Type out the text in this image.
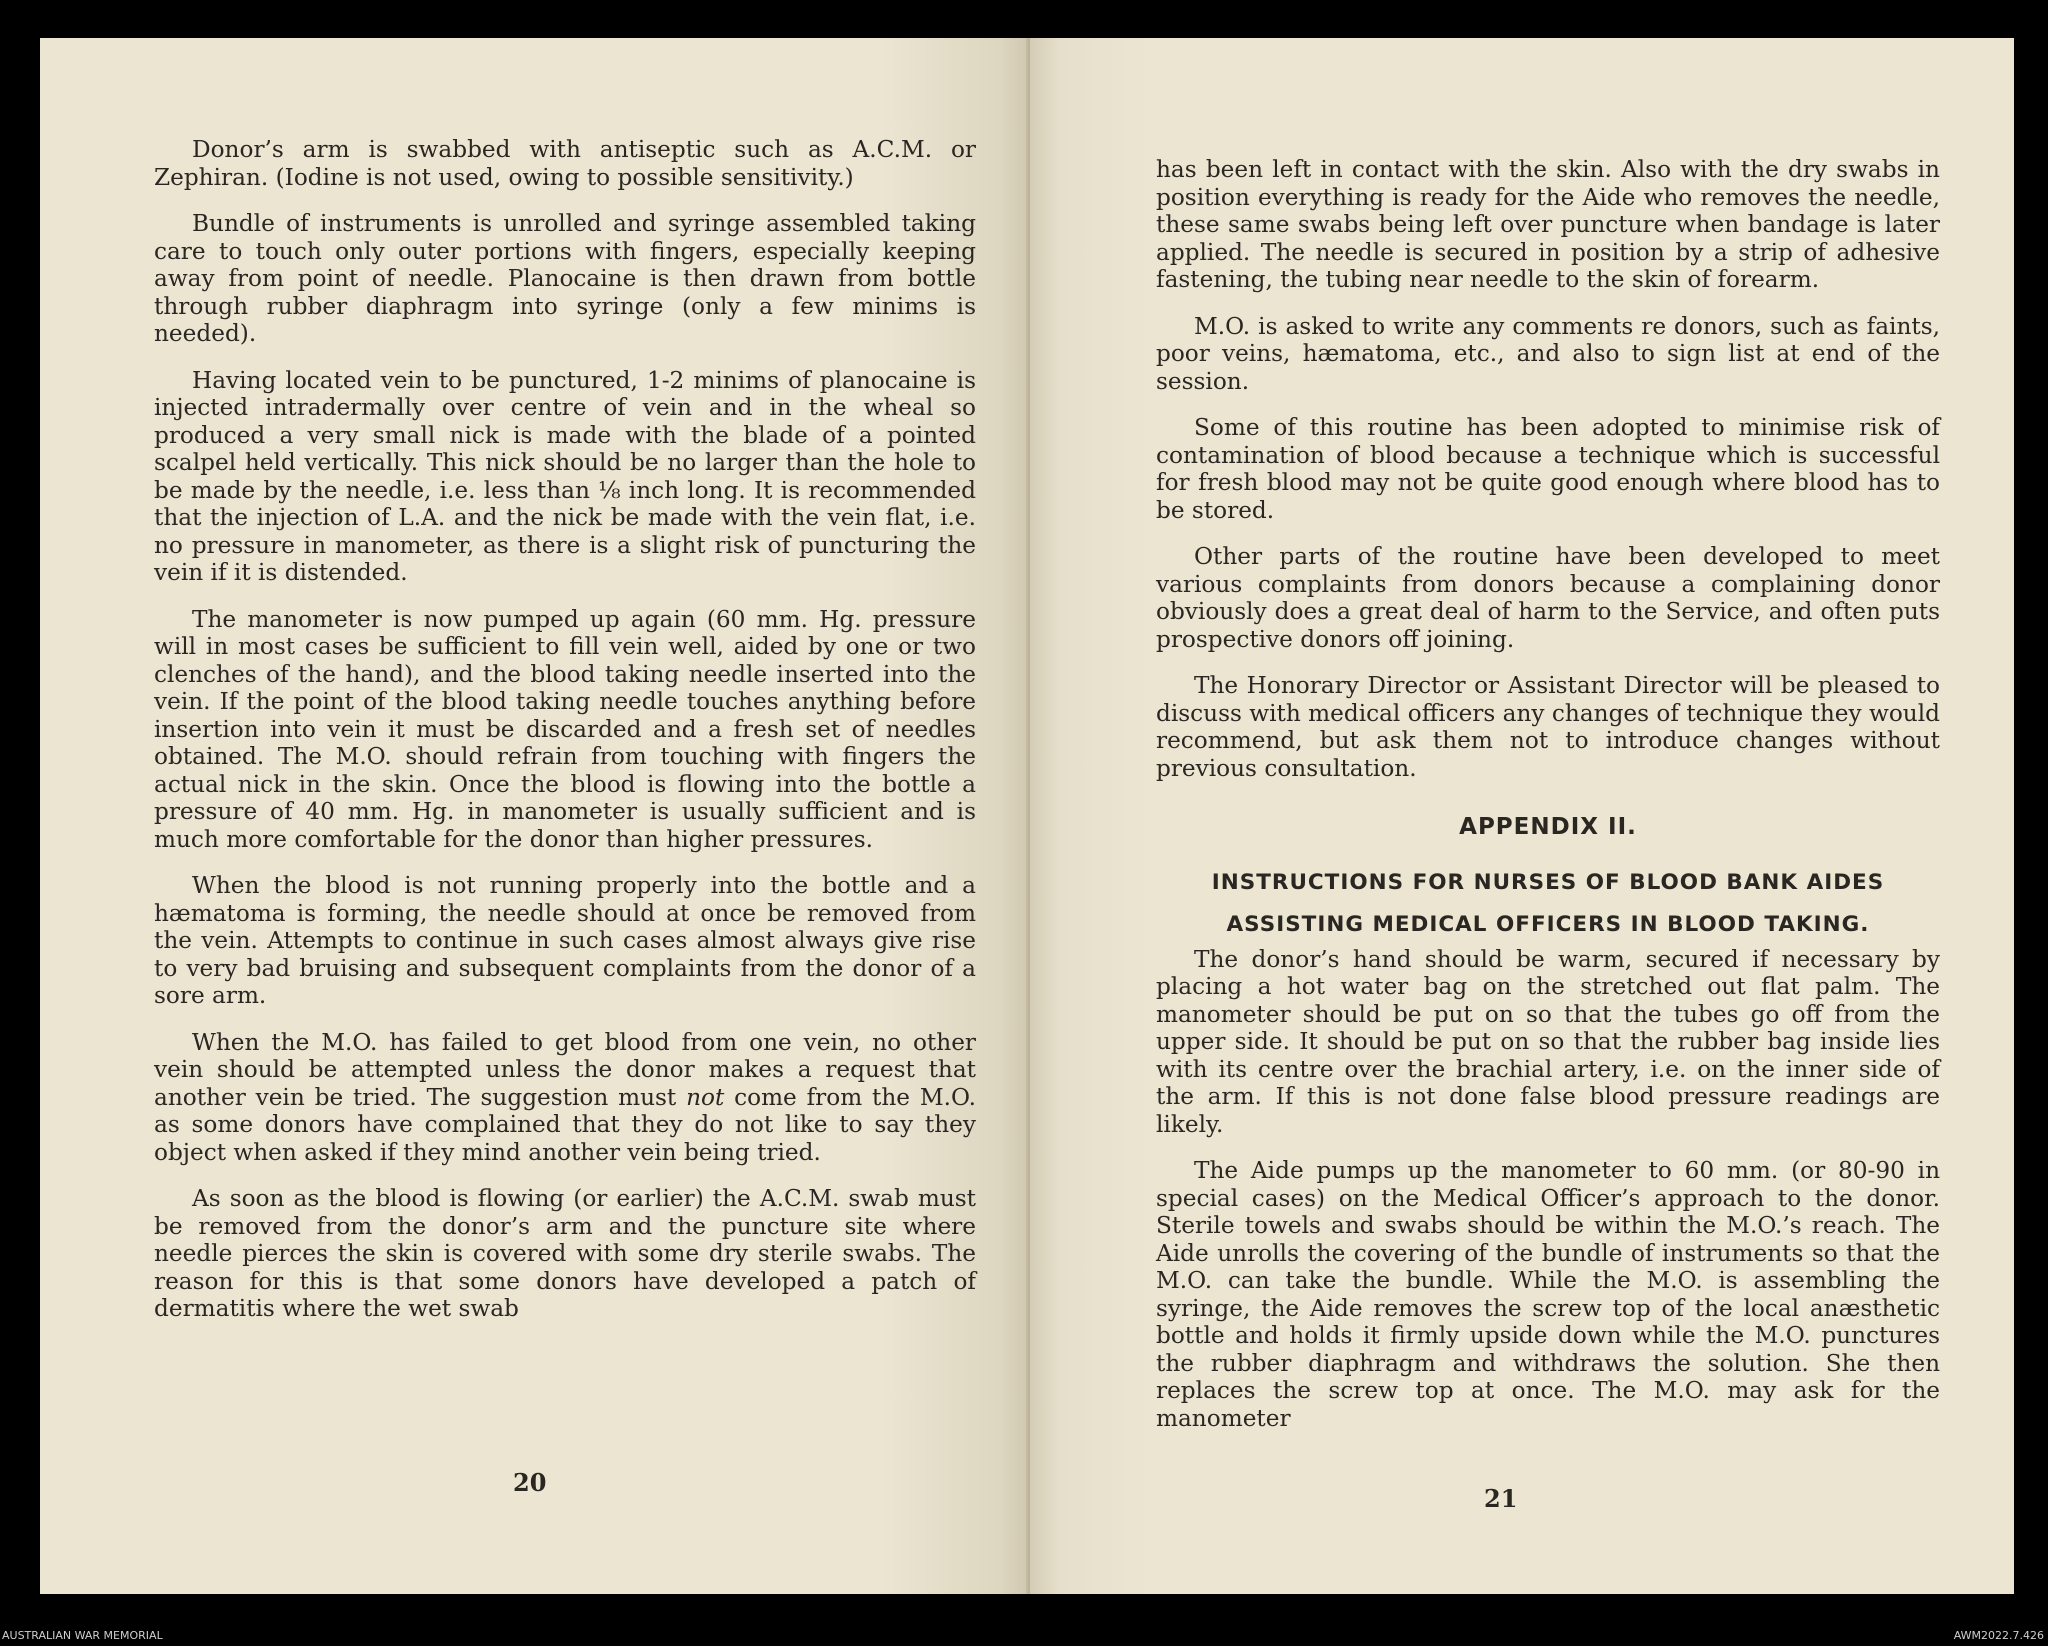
Donor’s arm is swabbed with antiseptic such as A.C.M. or Zephiran. (Iodine is not used, owing to possible sensitivity.)

Bundle of instruments is unrolled and syringe assembled taking care to touch only outer portions with fingers, especially keeping away from point of needle. Planocaine is then drawn from bottle through rubber diaphragm into syringe (only a few minims is needed).

Having located vein to be punctured, 1-2 minims of planocaine is injected intradermally over centre of vein and in the wheal so produced a very small nick is made with the blade of a pointed scalpel held vertically. This nick should be no larger than the hole to be made by the needle, i.e. less than ⅛ inch long. It is recommended that the injection of L.A. and the nick be made with the vein flat, i.e. no pressure in manometer, as there is a slight risk of puncturing the vein if it is distended.

The manometer is now pumped up again (60 mm. Hg. pressure will in most cases be sufficient to fill vein well, aided by one or two clenches of the hand), and the blood taking needle inserted into the vein. If the point of the blood taking needle touches anything before insertion into vein it must be discarded and a fresh set of needles obtained. The M.O. should refrain from touching with fingers the actual nick in the skin. Once the blood is flowing into the bottle a pressure of 40 mm. Hg. in manometer is usually sufficient and is much more comfortable for the donor than higher pressures.

When the blood is not running properly into the bottle and a hæmatoma is forming, the needle should at once be removed from the vein. Attempts to continue in such cases almost always give rise to very bad bruising and subsequent complaints from the donor of a sore arm.

When the M.O. has failed to get blood from one vein, no other vein should be attempted unless the donor makes a request that another vein be tried. The suggestion must not come from the M.O. as some donors have complained that they do not like to say they object when asked if they mind another vein being tried.

As soon as the blood is flowing (or earlier) the A.C.M. swab must be removed from the donor’s arm and the puncture site where needle pierces the skin is covered with some dry sterile swabs. The reason for this is that some donors have developed a patch of dermatitis where the wet swab

20

has been left in contact with the skin. Also with the dry swabs in position everything is ready for the Aide who removes the needle, these same swabs being left over puncture when bandage is later applied. The needle is secured in position by a strip of adhesive fastening, the tubing near needle to the skin of forearm.

M.O. is asked to write any comments re donors, such as faints, poor veins, hæmatoma, etc., and also to sign list at end of the session.

Some of this routine has been adopted to minimise risk of contamination of blood because a technique which is successful for fresh blood may not be quite good enough where blood has to be stored.

Other parts of the routine have been developed to meet various complaints from donors because a complaining donor obviously does a great deal of harm to the Service, and often puts prospective donors off joining.

The Honorary Director or Assistant Director will be pleased to discuss with medical officers any changes of technique they would recommend, but ask them not to introduce changes without previous consultation.

APPENDIX II.
INSTRUCTIONS FOR NURSES OF BLOOD BANK AIDES
ASSISTING MEDICAL OFFICERS IN BLOOD TAKING.

The donor’s hand should be warm, secured if necessary by placing a hot water bag on the stretched out flat palm. The manometer should be put on so that the tubes go off from the upper side. It should be put on so that the rubber bag inside lies with its centre over the brachial artery, i.e. on the inner side of the arm. If this is not done false blood pressure readings are likely.

The Aide pumps up the manometer to 60 mm. (or 80-90 in special cases) on the Medical Officer’s approach to the donor. Sterile towels and swabs should be within the M.O.’s reach. The Aide unrolls the covering of the bundle of instruments so that the M.O. can take the bundle. While the M.O. is assembling the syringe, the Aide removes the screw top of the local anæsthetic bottle and holds it firmly upside down while the M.O. punctures the rubber diaphragm and withdraws the solution. She then replaces the screw top at once. The M.O. may ask for the manometer

21
AUSTRALIAN WAR MEMORIAL	AWM2022.7.426
